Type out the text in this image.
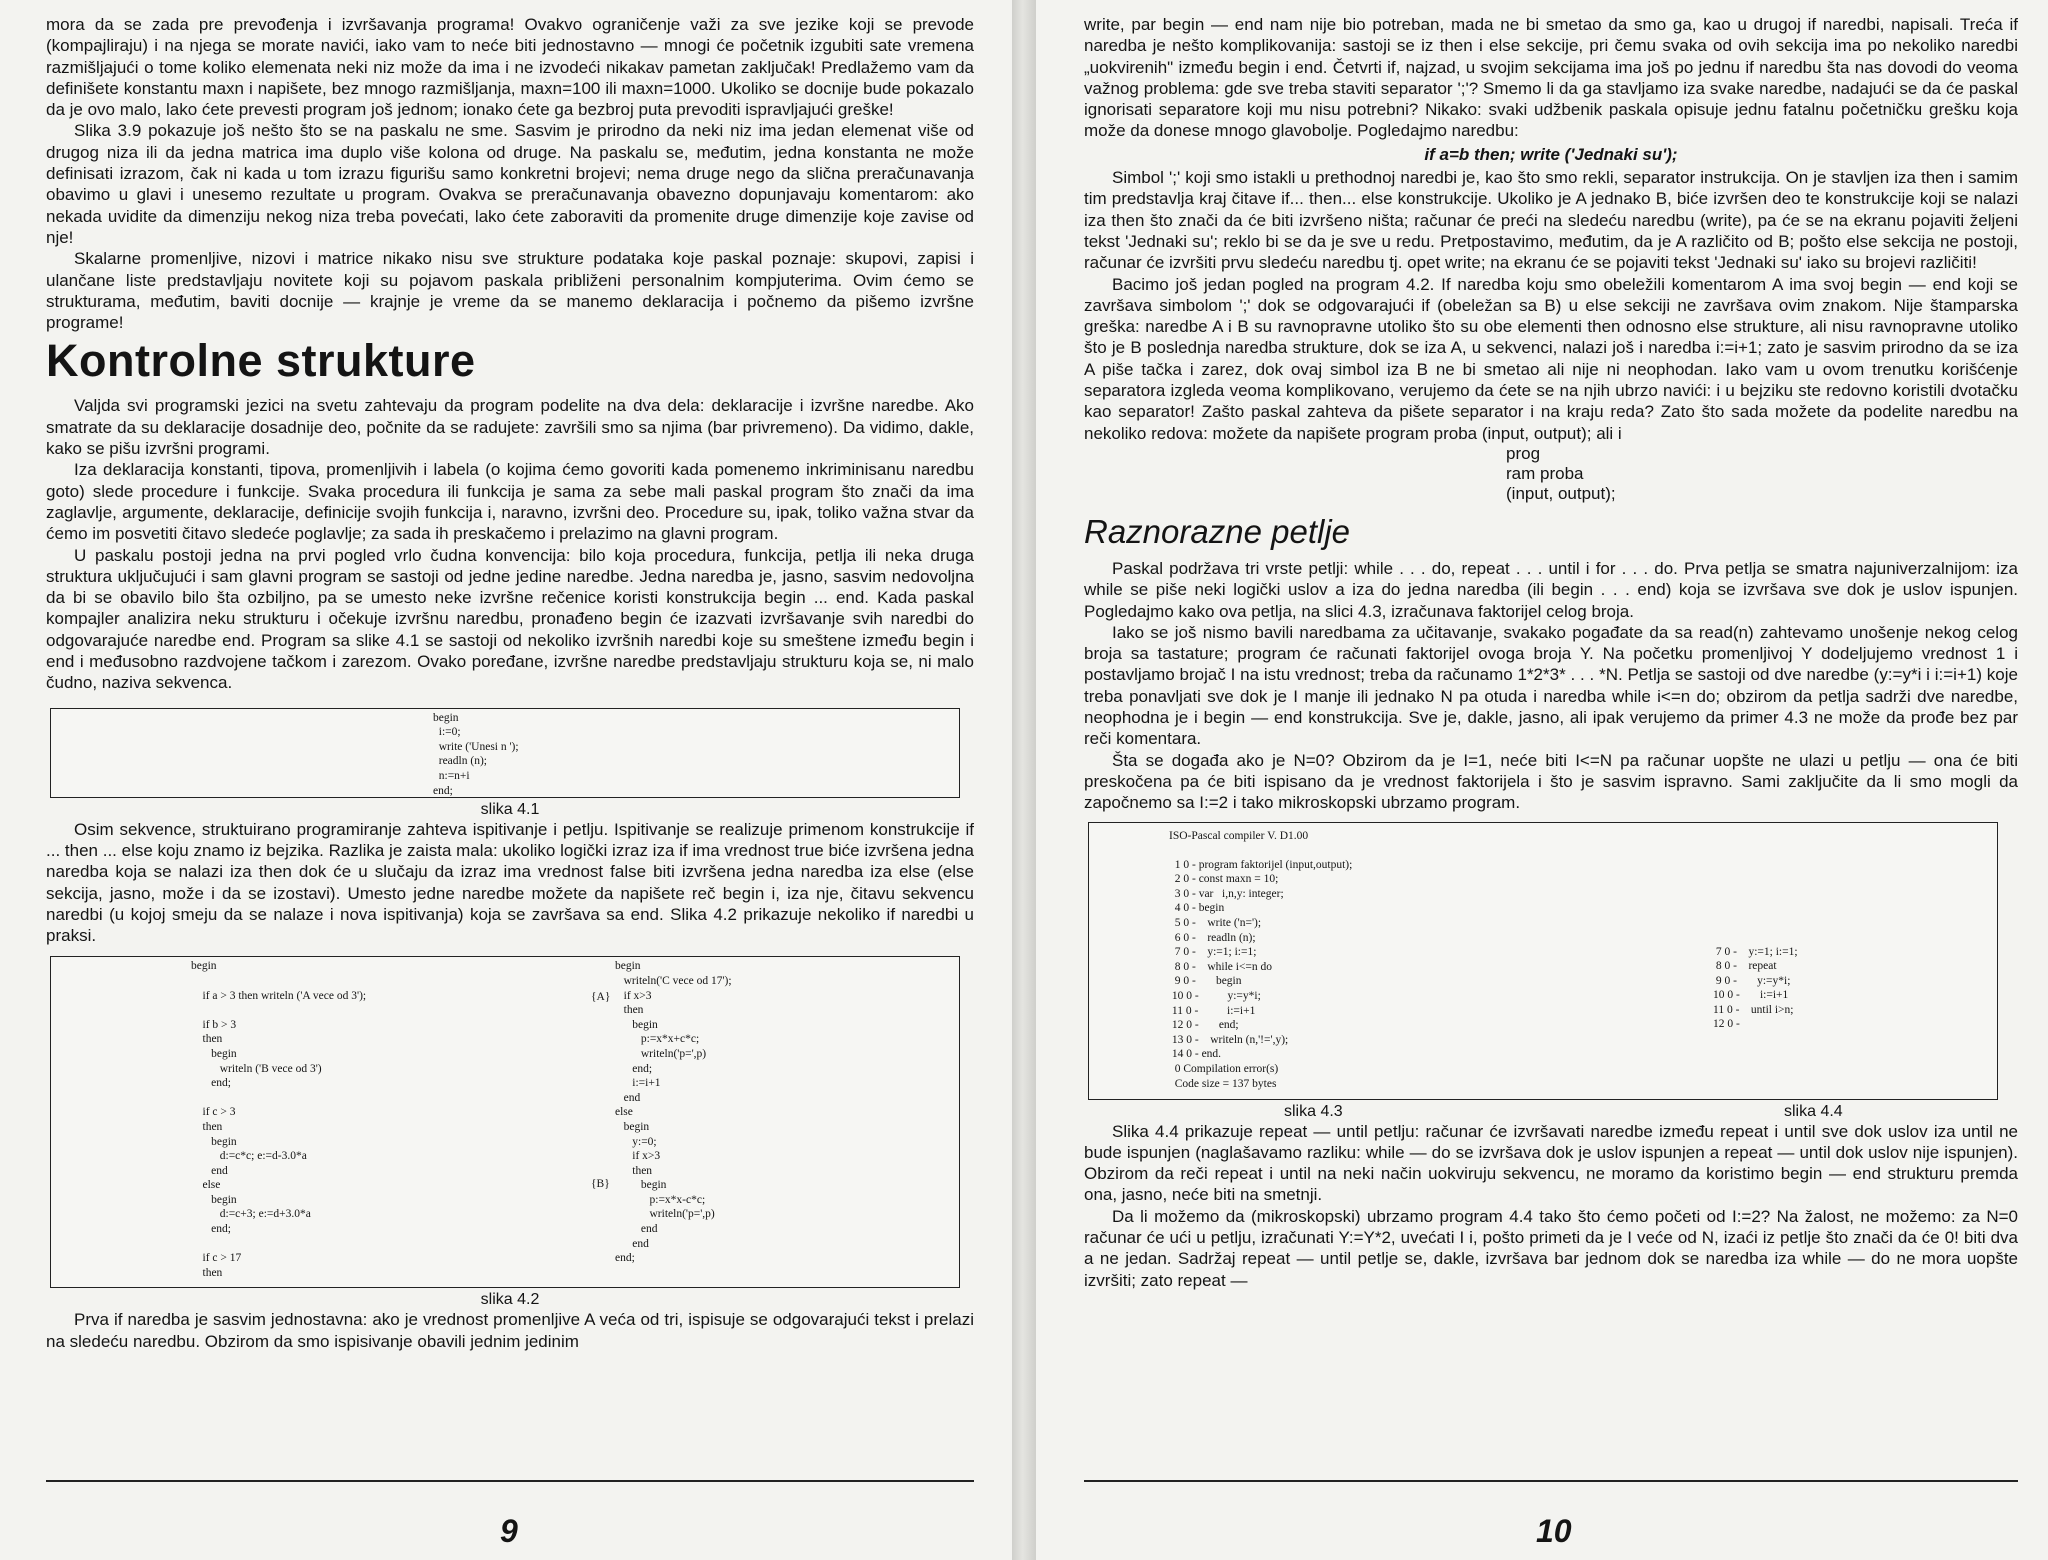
mora da se zada pre prevođenja i izvršavanja programa! Ovakvo ograničenje važi za sve jezike koji se prevode (kompajliraju) i na njega se morate navići, iako vam to neće biti jednostavno — mnogi će početnik izgubiti sate vremena razmišljajući o tome koliko elemenata neki niz može da ima i ne izvodeći nikakav pametan zaključak! Predlažemo vam da definišete konstantu maxn i napišete, bez mnogo razmišljanja, maxn=100 ili maxn=1000. Ukoliko se docnije bude pokazalo da je ovo malo, lako ćete prevesti program još jednom; ionako ćete ga bezbroj puta prevoditi ispravljajući greške!

Slika 3.9 pokazuje još nešto što se na paskalu ne sme. Sasvim je prirodno da neki niz ima jedan elemenat više od drugog niza ili da jedna matrica ima duplo više kolona od druge. Na paskalu se, međutim, jedna konstanta ne može definisati izrazom, čak ni kada u tom izrazu figurišu samo konkretni brojevi; nema druge nego da slična preračunavanja obavimo u glavi i unesemo rezultate u program. Ovakva se preračunavanja obavezno dopunjavaju komentarom: ako nekada uvidite da dimenziju nekog niza treba povećati, lako ćete zaboraviti da promenite druge dimenzije koje zavise od nje!

Skalarne promenljive, nizovi i matrice nikako nisu sve strukture podataka koje paskal poznaje: skupovi, zapisi i ulančane liste predstavljaju novitete koji su pojavom paskala približeni personalnim kompjuterima. Ovim ćemo se strukturama, međutim, baviti docnije — krajnje je vreme da se manemo deklaracija i počnemo da pišemo izvršne programe!

Kontrolne strukture

Valjda svi programski jezici na svetu zahtevaju da program podelite na dva dela: deklaracije i izvršne naredbe. Ako smatrate da su deklaracije dosadnije deo, počnite da se radujete: završili smo sa njima (bar privremeno). Da vidimo, dakle, kako se pišu izvršni programi.

Iza deklaracija konstanti, tipova, promenljivih i labela (o kojima ćemo govoriti kada pomenemo inkriminisanu naredbu goto) slede procedure i funkcije. Svaka procedura ili funkcija je sama za sebe mali paskal program što znači da ima zaglavlje, argumente, deklaracije, definicije svojih funkcija i, naravno, izvršni deo. Procedure su, ipak, toliko važna stvar da ćemo im posvetiti čitavo sledeće poglavlje; za sada ih preskačemo i prelazimo na glavni program.

U paskalu postoji jedna na prvi pogled vrlo čudna konvencija: bilo koja procedura, funkcija, petlja ili neka druga struktura uključujući i sam glavni program se sastoji od jedne jedine naredbe. Jedna naredba je, jasno, sasvim nedovoljna da bi se obavilo bilo šta ozbiljno, pa se umesto neke izvršne rečenice koristi konstrukcija begin ... end. Kada paskal kompajler analizira neku strukturu i očekuje izvršnu naredbu, pronađeno begin će izazvati izvršavanje svih naredbi do odgovarajuće naredbe end. Program sa slike 4.1 se sastoji od nekoliko izvršnih naredbi koje su smeštene između begin i end i međusobno razdvojene tačkom i zarezom. Ovako poređane, izvršne naredbe predstavljaju strukturu koja se, ni malo čudno, naziva sekvenca.

begin
i:=0;
write ('Unesi n ');
readln (n);
n:=n+i
end;
slika 4.1

Osim sekvence, struktuirano programiranje zahteva ispitivanje i petlju. Ispitivanje se realizuje primenom konstrukcije if ... then ... else koju znamo iz bejzika. Razlika je zaista mala: ukoliko logički izraz iza if ima vrednost true biće izvršena jedna naredba koja se nalazi iza then dok će u slučaju da izraz ima vrednost false biti izvršena jedna naredba iza else (else sekcija, jasno, može i da se izostavi). Umesto jedne naredbe možete da napišete reč begin i, iza nje, čitavu sekvencu naredbi (u kojoj smeju da se nalaze i nova ispitivanja) koja se završava sa end. Slika 4.2 prikazuje nekoliko if naredbi u praksi.

begin

if a > 3 then writeln ('A vece od 3');

if b > 3
then
begin
writeln ('B vece od 3')
end;

if c > 3
then
begin
d:=c*c; e:=d-3.0*a
end
else
begin
d:=c+3; e:=d+3.0*a
end;

if c > 17
then
begin
writeln('C vece od 17');
if x>3
then
begin
p:=x*x+c*c;
writeln('p=',p)
end;
i:=i+1
end
else
begin
y:=0;
if x>3
then
begin
p:=x*x-c*c;
writeln('p=',p)
end
end
end;
{A}
{B}
slika 4.2

Prva if naredba je sasvim jednostavna: ako je vrednost promenljive A veća od tri, ispisuje se odgovarajući tekst i prelazi na sledeću naredbu. Obzirom da smo ispisivanje obavili jednim jedinim

9

write, par begin — end nam nije bio potreban, mada ne bi smetao da smo ga, kao u drugoj if naredbi, napisali. Treća if naredba je nešto komplikovanija: sastoji se iz then i else sekcije, pri čemu svaka od ovih sekcija ima po nekoliko naredbi „uokvirenih" između begin i end. Četvrti if, najzad, u svojim sekcijama ima još po jednu if naredbu šta nas dovodi do veoma važnog problema: gde sve treba staviti separator ';'? Smemo li da ga stavljamo iza svake naredbe, nadajući se da će paskal ignorisati separatore koji mu nisu potrebni? Nikako: svaki udžbenik paskala opisuje jednu fatalnu početničku grešku koja može da donese mnogo glavobolje. Pogledajmo naredbu:

if a=b then; write ('Jednaki su');

Simbol ';' koji smo istakli u prethodnoj naredbi je, kao što smo rekli, separator instrukcija. On je stavljen iza then i samim tim predstavlja kraj čitave if... then... else konstrukcije. Ukoliko je A jednako B, biće izvršen deo te konstrukcije koji se nalazi iza then što znači da će biti izvršeno ništa; računar će preći na sledeću naredbu (write), pa će se na ekranu pojaviti željeni tekst 'Jednaki su'; reklo bi se da je sve u redu. Pretpostavimo, međutim, da je A različito od B; pošto else sekcija ne postoji, računar će izvršiti prvu sledeću naredbu tj. opet write; na ekranu će se pojaviti tekst 'Jednaki su' iako su brojevi različiti!

Bacimo još jedan pogled na program 4.2. If naredba koju smo obeležili komentarom A ima svoj begin — end koji se završava simbolom ';' dok se odgovarajući if (obeležan sa B) u else sekciji ne završava ovim znakom. Nije štamparska greška: naredbe A i B su ravnopravne utoliko što su obe elementi then odnosno else strukture, ali nisu ravnopravne utoliko što je B poslednja naredba strukture, dok se iza A, u sekvenci, nalazi još i naredba i:=i+1; zato je sasvim prirodno da se iza A piše tačka i zarez, dok ovaj simbol iza B ne bi smetao ali nije ni neophodan. Iako vam u ovom trenutku korišćenje separatora izgleda veoma komplikovano, verujemo da ćete se na njih ubrzo navići: i u bejziku ste redovno koristili dvotačku kao separator! Zašto paskal zahteva da pišete separator i na kraju reda? Zato što sada možete da podelite naredbu na nekoliko redova: možete da napišete program proba (input, output); ali i

prog
ram proba
(input, output);
Raznorazne petlje

Paskal podržava tri vrste petlji: while . . . do, repeat . . . until i for . . . do. Prva petlja se smatra najuniverzalnijom: iza while se piše neki logički uslov a iza do jedna naredba (ili begin . . . end) koja se izvršava sve dok je uslov ispunjen. Pogledajmo kako ova petlja, na slici 4.3, izračunava faktorijel celog broja.

Iako se još nismo bavili naredbama za učitavanje, svakako pogađate da sa read(n) zahtevamo unošenje nekog celog broja sa tastature; program će računati faktorijel ovoga broja Y. Na početku promenljivoj Y dodeljujemo vrednost 1 i postavljamo brojač I na istu vrednost; treba da računamo 1*2*3* . . . *N. Petlja se sastoji od dve naredbe (y:=y*i i i:=i+1) koje treba ponavljati sve dok je I manje ili jednako N pa otuda i naredba while i<=n do; obzirom da petlja sadrži dve naredbe, neophodna je i begin — end konstrukcija. Sve je, dakle, jasno, ali ipak verujemo da primer 4.3 ne može da prođe bez par reči komentara.

Šta se događa ako je N=0? Obzirom da je I=1, neće biti I<=N pa računar uopšte ne ulazi u petlju — ona će biti preskočena pa će biti ispisano da je vrednost faktorijela i što je sasvim ispravno. Sami zaključite da li smo mogli da započnemo sa I:=2 i tako mikroskopski ubrzamo program.

ISO-Pascal compiler V. D1.00

1 0 - program faktorijel (input,output);
2 0 - const maxn = 10;
3 0 - var   i,n,y: integer;
4 0 - begin
5 0 -    write ('n=');
6 0 -    readln (n);
7 0 -    y:=1; i:=1;
8 0 -    while i<=n do
9 0 -       begin
10 0 -          y:=y*i;
11 0 -          i:=i+1
12 0 -       end;
13 0 -    writeln (n,'!=',y);
14 0 - end.
0 Compilation error(s)
Code size = 137 bytes
7 0 -    y:=1; i:=1;
8 0 -    repeat
9 0 -       y:=y*i;
10 0 -       i:=i+1
11 0 -    until i>n;
12 0 -
slika 4.3	slika 4.4

Slika 4.4 prikazuje repeat — until petlju: računar će izvršavati naredbe između repeat i until sve dok uslov iza until ne bude ispunjen (naglašavamo razliku: while — do se izvršava dok je uslov ispunjen a repeat — until dok uslov nije ispunjen). Obzirom da reči repeat i until na neki način uokviruju sekvencu, ne moramo da koristimo begin — end strukturu premda ona, jasno, neće biti na smetnji.

Da li možemo da (mikroskopski) ubrzamo program 4.4 tako što ćemo početi od I:=2? Na žalost, ne možemo: za N=0 računar će ući u petlju, izračunati Y:=Y*2, uvećati I i, pošto primeti da je I veće od N, izaći iz petlje što znači da će 0! biti dva a ne jedan. Sadržaj repeat — until petlje se, dakle, izvršava bar jednom dok se naredba iza while — do ne mora uopšte izvršiti; zato repeat —

10
